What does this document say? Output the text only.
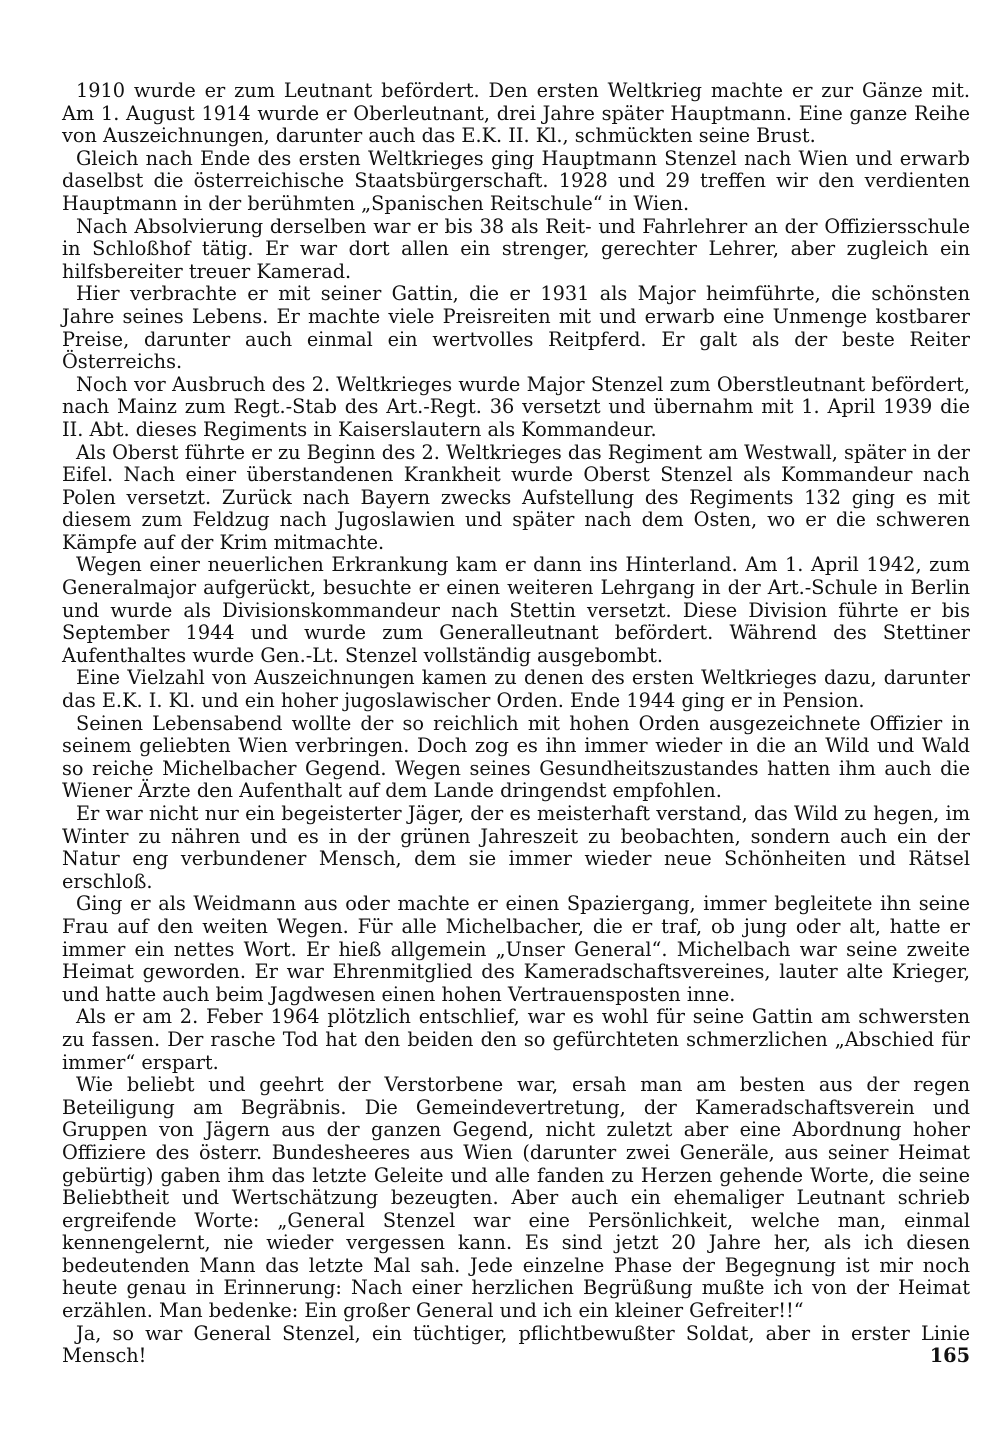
1910 wurde er zum Leutnant befördert. Den ersten Weltkrieg machte er zur Gänze mit. Am 1. August 1914 wurde er Oberleutnant, drei Jahre später Hauptmann. Eine ganze Reihe von Auszeichnungen, darunter auch das E.K. II. Kl., schmückten seine Brust.

Gleich nach Ende des ersten Weltkrieges ging Hauptmann Stenzel nach Wien und erwarb daselbst die österreichische Staatsbürgerschaft. 1928 und 29 treffen wir den verdienten Hauptmann in der berühmten „Spanischen Reitschule“ in Wien.

Nach Absolvierung derselben war er bis 38 als Reit- und Fahrlehrer an der Offiziersschule in Schloßhof tätig. Er war dort allen ein strenger, gerechter Lehrer, aber zugleich ein hilfsbereiter treuer Kamerad.

Hier verbrachte er mit seiner Gattin, die er 1931 als Major heimführte, die schönsten Jahre seines Lebens. Er machte viele Preisreiten mit und erwarb eine Unmenge kostbarer Preise, darunter auch einmal ein wertvolles Reitpferd. Er galt als der beste Reiter Österreichs.

Noch vor Ausbruch des 2. Weltkrieges wurde Major Stenzel zum Oberstleutnant befördert, nach Mainz zum Regt.-Stab des Art.-Regt. 36 versetzt und übernahm mit 1. April 1939 die II. Abt. dieses Regiments in Kaiserslautern als Kommandeur.

Als Oberst führte er zu Beginn des 2. Weltkrieges das Regiment am Westwall, später in der Eifel. Nach einer überstandenen Krankheit wurde Oberst Stenzel als Kommandeur nach Polen versetzt. Zurück nach Bayern zwecks Aufstellung des Regiments 132 ging es mit diesem zum Feldzug nach Jugoslawien und später nach dem Osten, wo er die schweren Kämpfe auf der Krim mitmachte.

Wegen einer neuerlichen Erkrankung kam er dann ins Hinterland. Am 1. April 1942, zum Generalmajor aufgerückt, besuchte er einen weiteren Lehrgang in der Art.-Schule in Berlin und wurde als Divisionskommandeur nach Stettin versetzt. Diese Division führte er bis September 1944 und wurde zum Generalleutnant befördert. Während des Stettiner Aufenthaltes wurde Gen.-Lt. Stenzel vollständig ausgebombt.

Eine Vielzahl von Auszeichnungen kamen zu denen des ersten Weltkrieges dazu, darunter das E.K. I. Kl. und ein hoher jugoslawischer Orden. Ende 1944 ging er in Pension.

Seinen Lebensabend wollte der so reichlich mit hohen Orden ausgezeichnete Offizier in seinem geliebten Wien verbringen. Doch zog es ihn immer wieder in die an Wild und Wald so reiche Michelbacher Gegend. Wegen seines Gesundheitszustandes hatten ihm auch die Wiener Ärzte den Aufenthalt auf dem Lande dringendst empfohlen.

Er war nicht nur ein begeisterter Jäger, der es meisterhaft verstand, das Wild zu hegen, im Winter zu nähren und es in der grünen Jahreszeit zu beobachten, sondern auch ein der Natur eng verbundener Mensch, dem sie immer wieder neue Schönheiten und Rätsel erschloß.

Ging er als Weidmann aus oder machte er einen Spaziergang, immer begleitete ihn seine Frau auf den weiten Wegen. Für alle Michelbacher, die er traf, ob jung oder alt, hatte er immer ein nettes Wort. Er hieß allgemein „Unser General“. Michelbach war seine zweite Heimat geworden. Er war Ehrenmitglied des Kameradschaftsvereines, lauter alte Krieger, und hatte auch beim Jagdwesen einen hohen Vertrauensposten inne.

Als er am 2. Feber 1964 plötzlich entschlief, war es wohl für seine Gattin am schwersten zu fassen. Der rasche Tod hat den beiden den so gefürchteten schmerzlichen „Abschied für immer“ erspart.

Wie beliebt und geehrt der Verstorbene war, ersah man am besten aus der regen Beteiligung am Begräbnis. Die Gemeindevertretung, der Kameradschaftsverein und Gruppen von Jägern aus der ganzen Gegend, nicht zuletzt aber eine Abordnung hoher Offiziere des österr. Bundesheeres aus Wien (darunter zwei Generäle, aus seiner Heimat gebürtig) gaben ihm das letzte Geleite und alle fanden zu Herzen gehende Worte, die seine Beliebtheit und Wertschätzung bezeugten. Aber auch ein ehemaliger Leutnant schrieb ergreifende Worte: „General Stenzel war eine Persönlichkeit, welche man, einmal kennengelernt, nie wieder vergessen kann. Es sind jetzt 20 Jahre her, als ich diesen bedeutenden Mann das letzte Mal sah. Jede einzelne Phase der Begegnung ist mir noch heute genau in Erinnerung: Nach einer herzlichen Begrüßung mußte ich von der Heimat erzählen. Man bedenke: Ein großer General und ich ein kleiner Gefreiter!!“

Ja, so war General Stenzel, ein tüchtiger, pflichtbewußter Soldat, aber in erster Linie Mensch!	165
